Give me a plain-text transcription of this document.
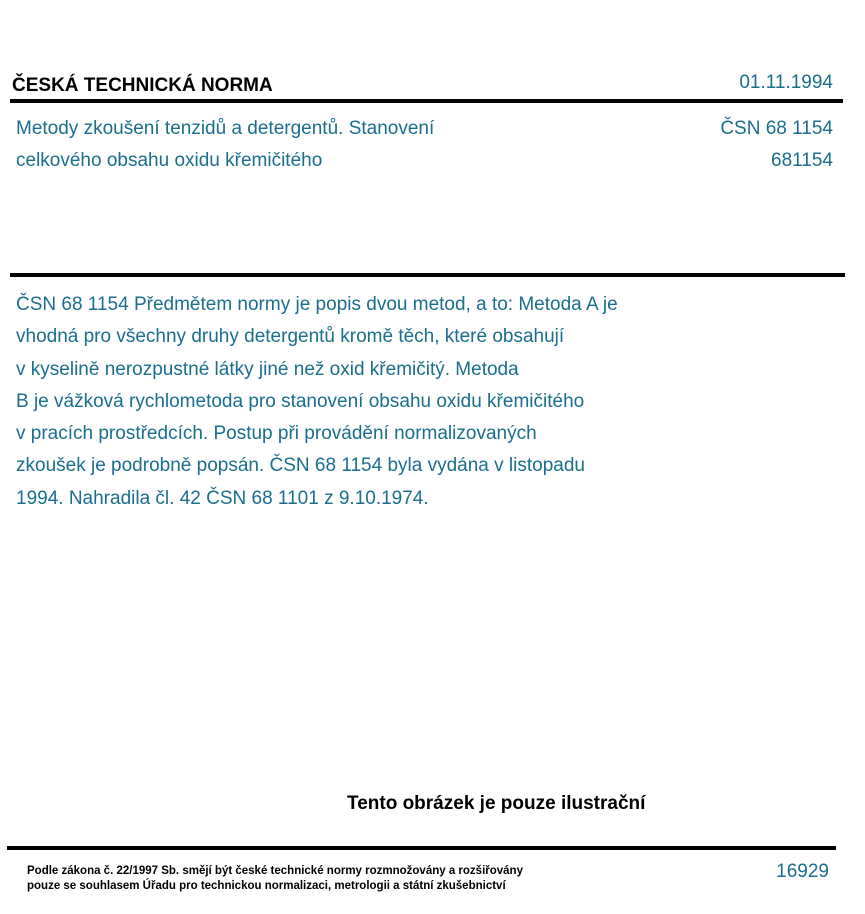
ČESKÁ TECHNICKÁ NORMA	01.11.1994
Metody zkoušení tenzidů a detergentů. Stanovení
celkového obsahu oxidu křemičitého
ČSN 68 1154
681154
ČSN 68 1154 Předmětem normy je popis dvou metod, a to: Metoda A je
vhodná pro všechny druhy detergentů kromě těch, které obsahují
v kyselině nerozpustné látky jiné než oxid křemičitý. Metoda
B je vážková rychlometoda pro stanovení obsahu oxidu křemičitého
v pracích prostředcích. Postup při provádění normalizovaných
zkoušek je podrobně popsán. ČSN 68 1154 byla vydána v listopadu
1994. Nahradila čl. 42 ČSN 68 1101 z 9.10.1974.
Tento obrázek je pouze ilustrační
Podle zákona č. 22/1997 Sb. smějí být české technické normy rozmnožovány a rozšiřovány
pouze se souhlasem Úřadu pro technickou normalizaci, metrologii a státní zkušebnictví
16929
